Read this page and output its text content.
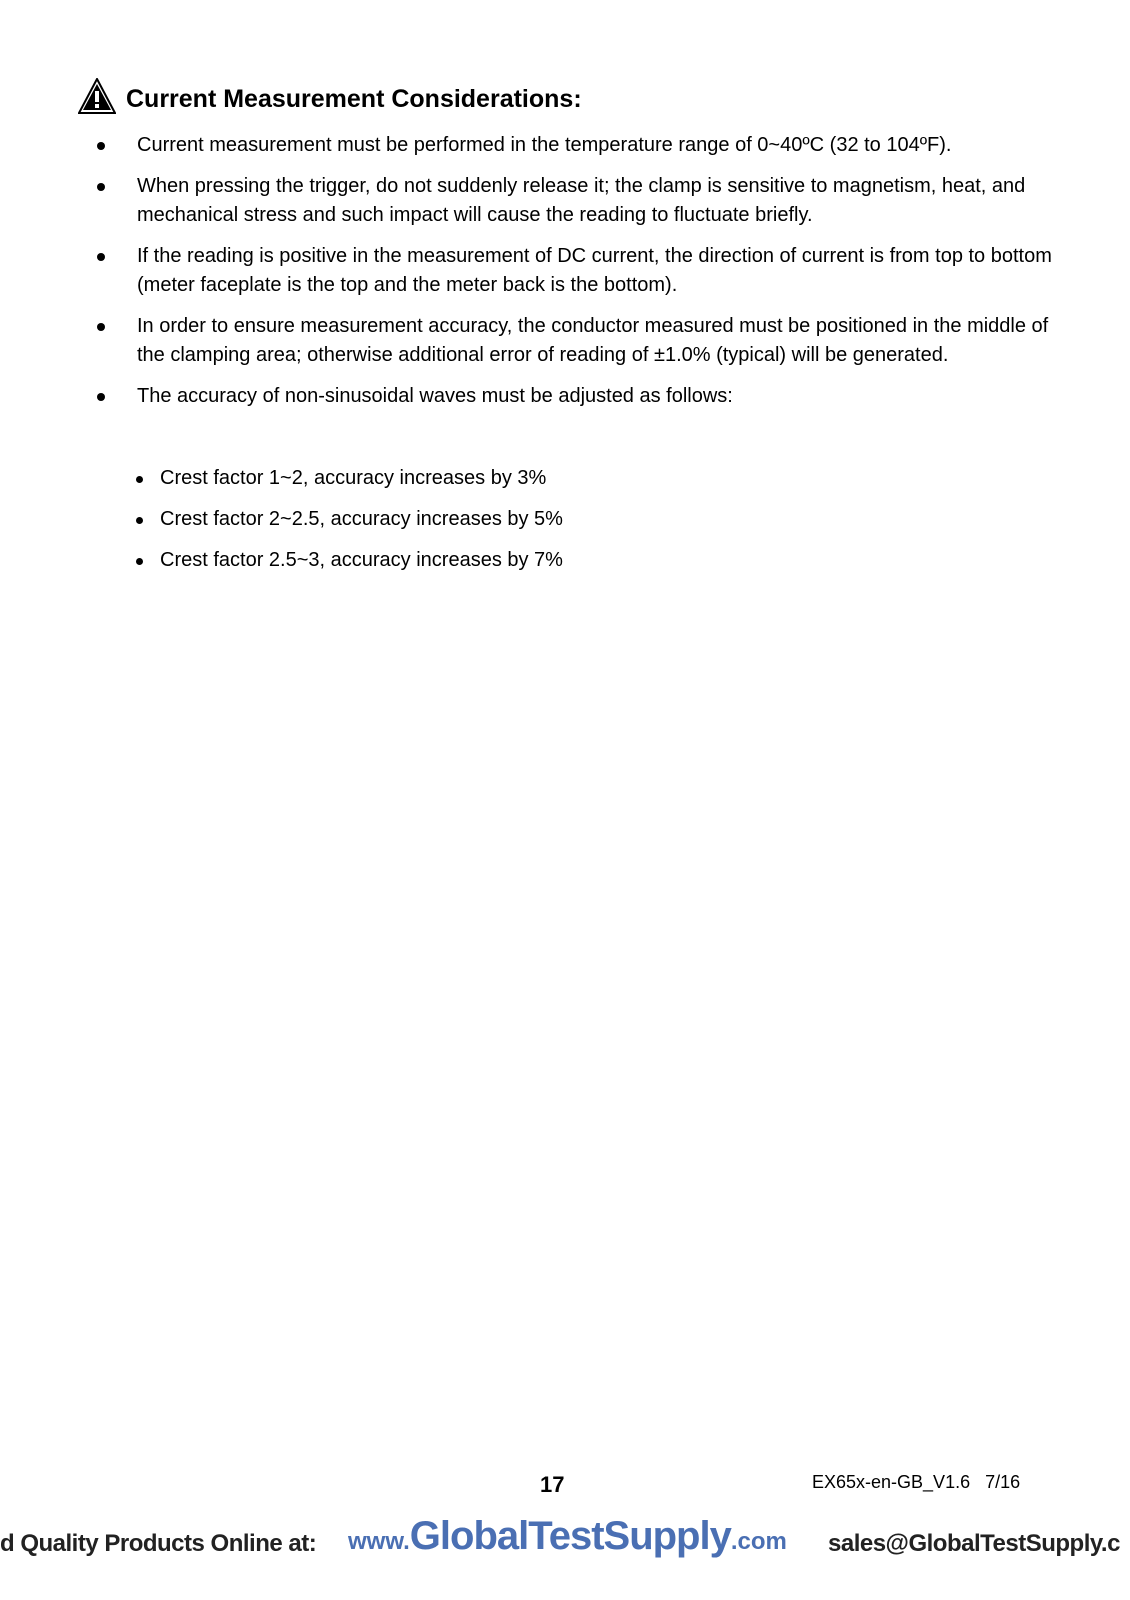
Current Measurement Considerations:
Current measurement must be performed in the temperature range of 0~40ºC (32 to 104ºF).
When pressing the trigger, do not suddenly release it; the clamp is sensitive to magnetism, heat, and mechanical stress and such impact will cause the reading to fluctuate briefly.
If the reading is positive in the measurement of DC current, the direction of current is from top to bottom (meter faceplate is the top and the meter back is the bottom).
In order to ensure measurement accuracy, the conductor measured must be positioned in the middle of the clamping area; otherwise additional error of reading of ±1.0% (typical) will be generated.
The accuracy of non-sinusoidal waves must be adjusted as follows:
Crest factor 1~2, accuracy increases by 3%
Crest factor 2~2.5, accuracy increases by 5%
Crest factor 2.5~3, accuracy increases by 7%
17	EX65x-en-GB_V1.6   7/16
d Quality Products Online at: www.GlobalTestSupply.com sales@GlobalTestSupply.c
